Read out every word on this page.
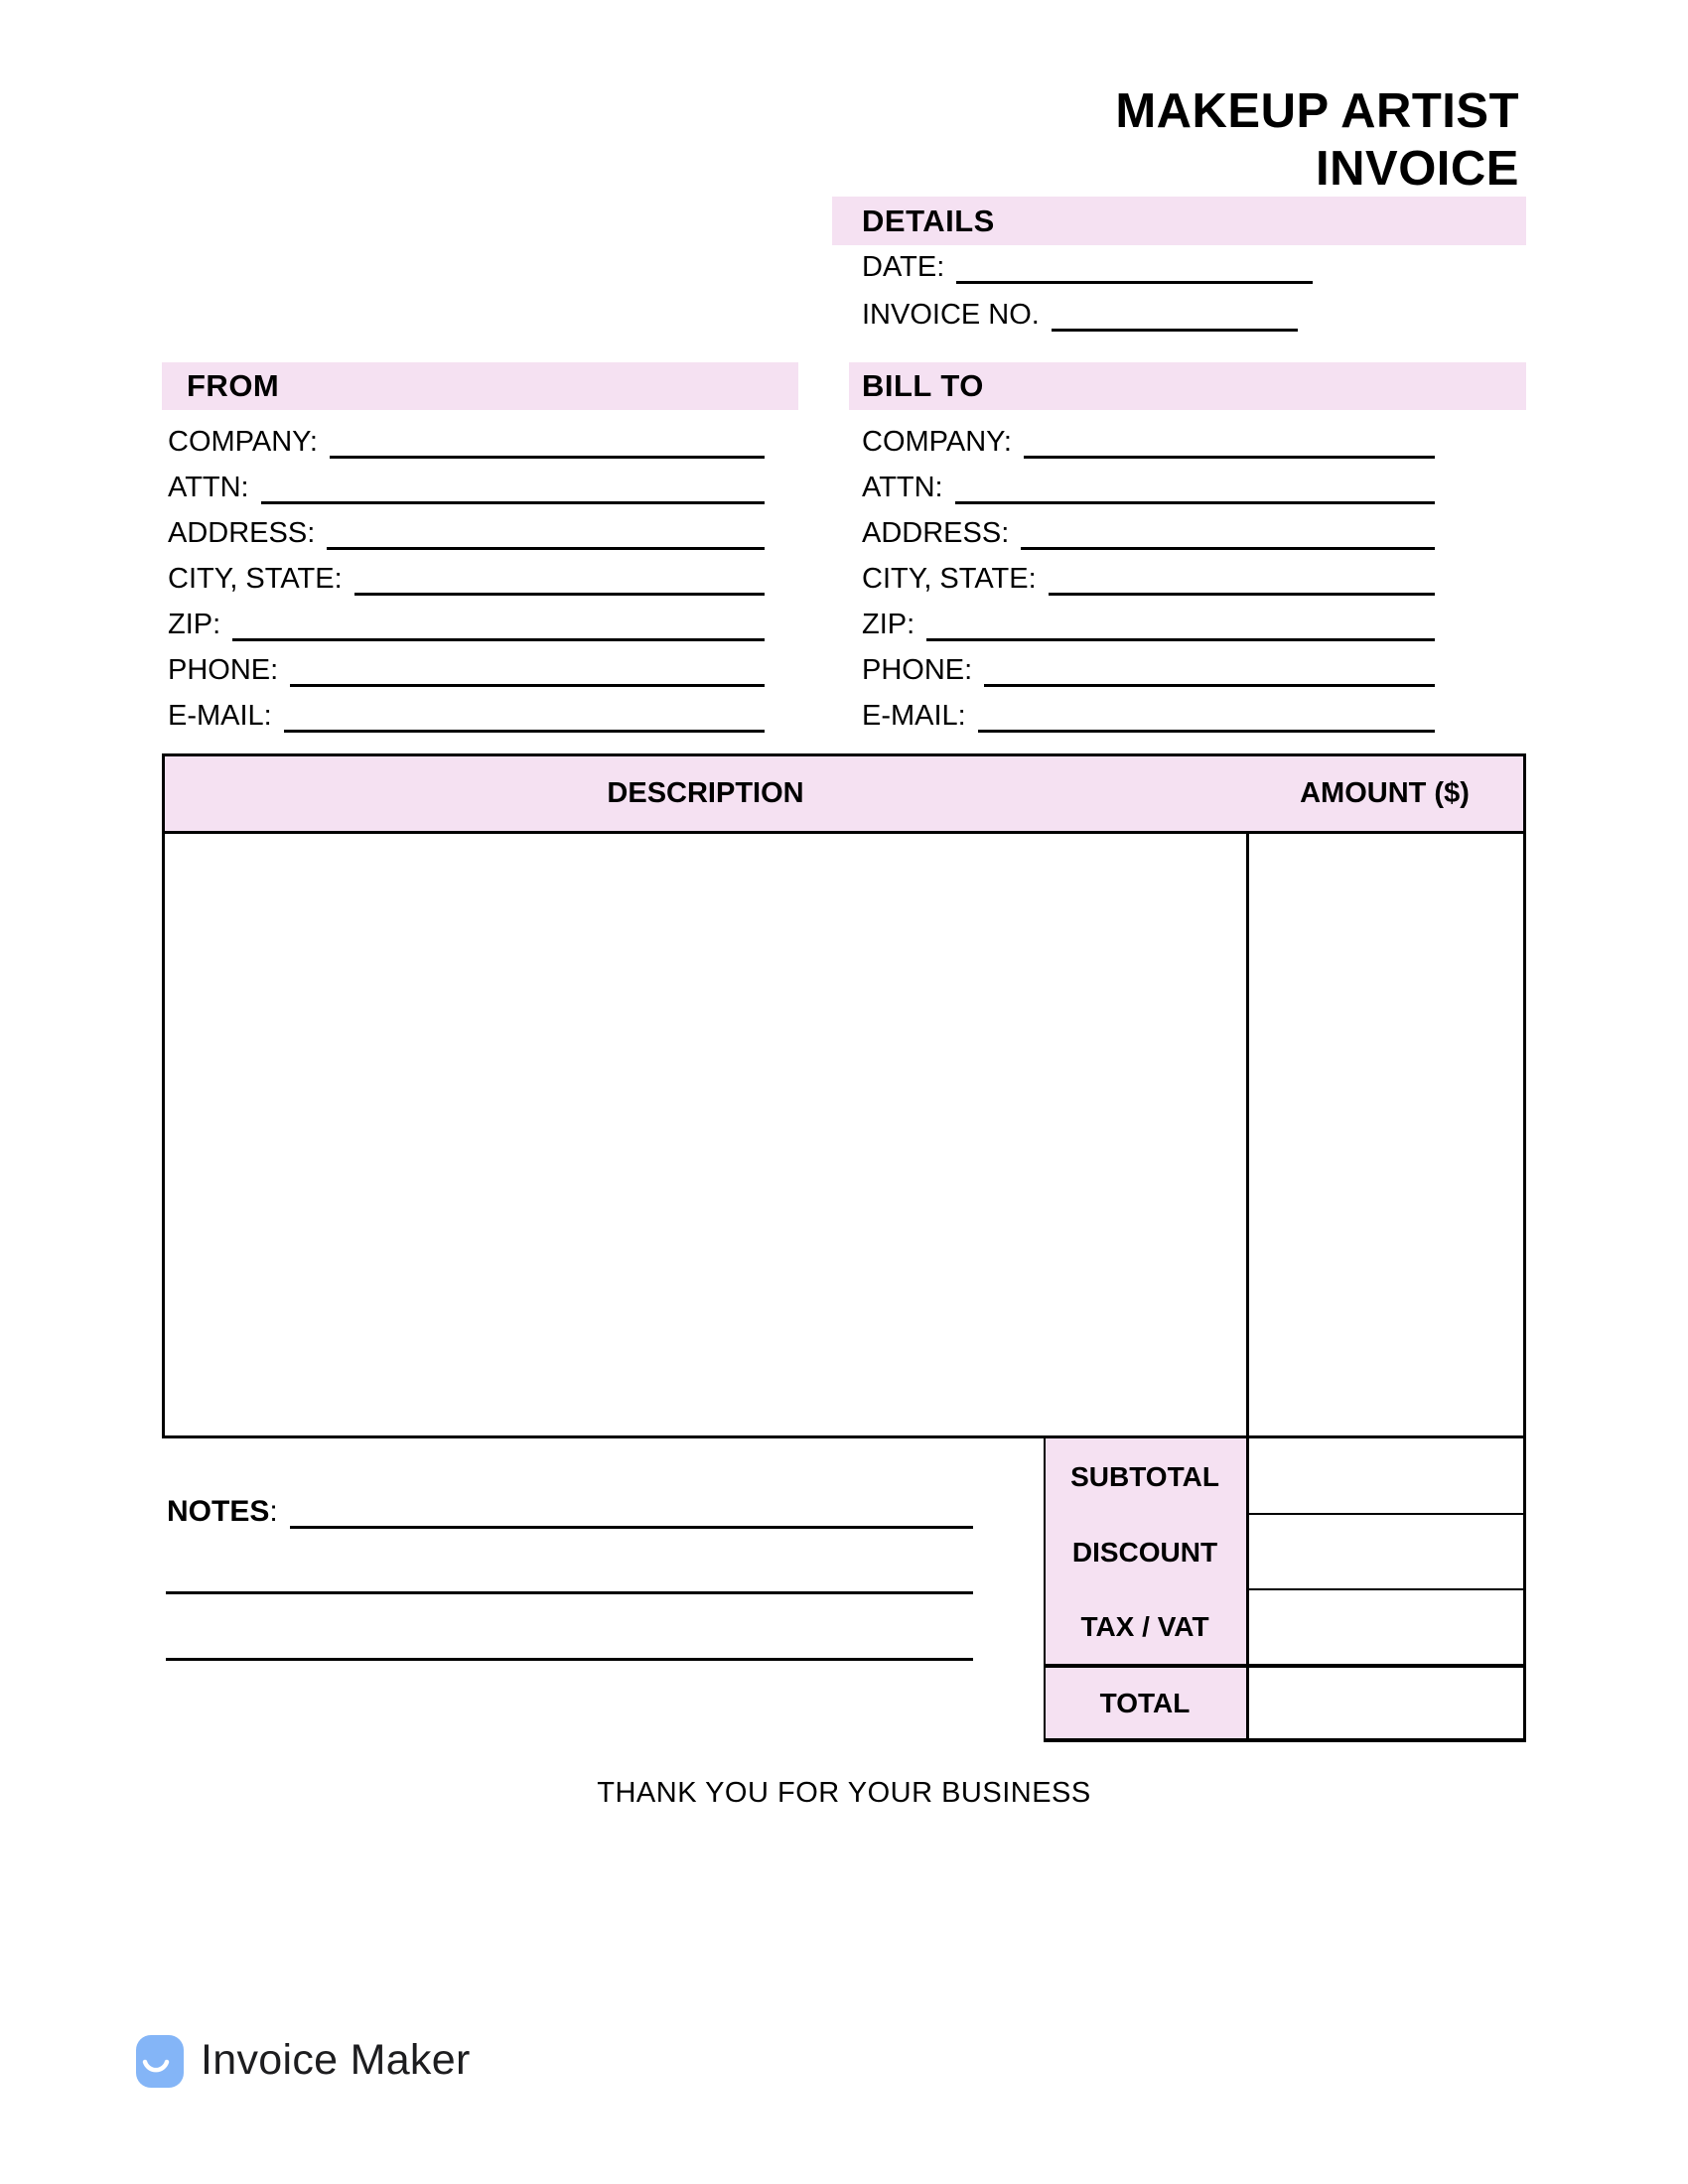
MAKEUP ARTIST
INVOICE
DETAILS
DATE:
INVOICE NO.
FROM
COMPANY:
ATTN:
ADDRESS:
CITY, STATE:
ZIP:
PHONE:
E-MAIL:
BILL TO
COMPANY:
ATTN:
ADDRESS:
CITY, STATE:
ZIP:
PHONE:
E-MAIL:
DESCRIPTION	AMOUNT ($)
SUBTOTAL
DISCOUNT
TAX / VAT
TOTAL
NOTES :
THANK YOU FOR YOUR BUSINESS
Invoice Maker
